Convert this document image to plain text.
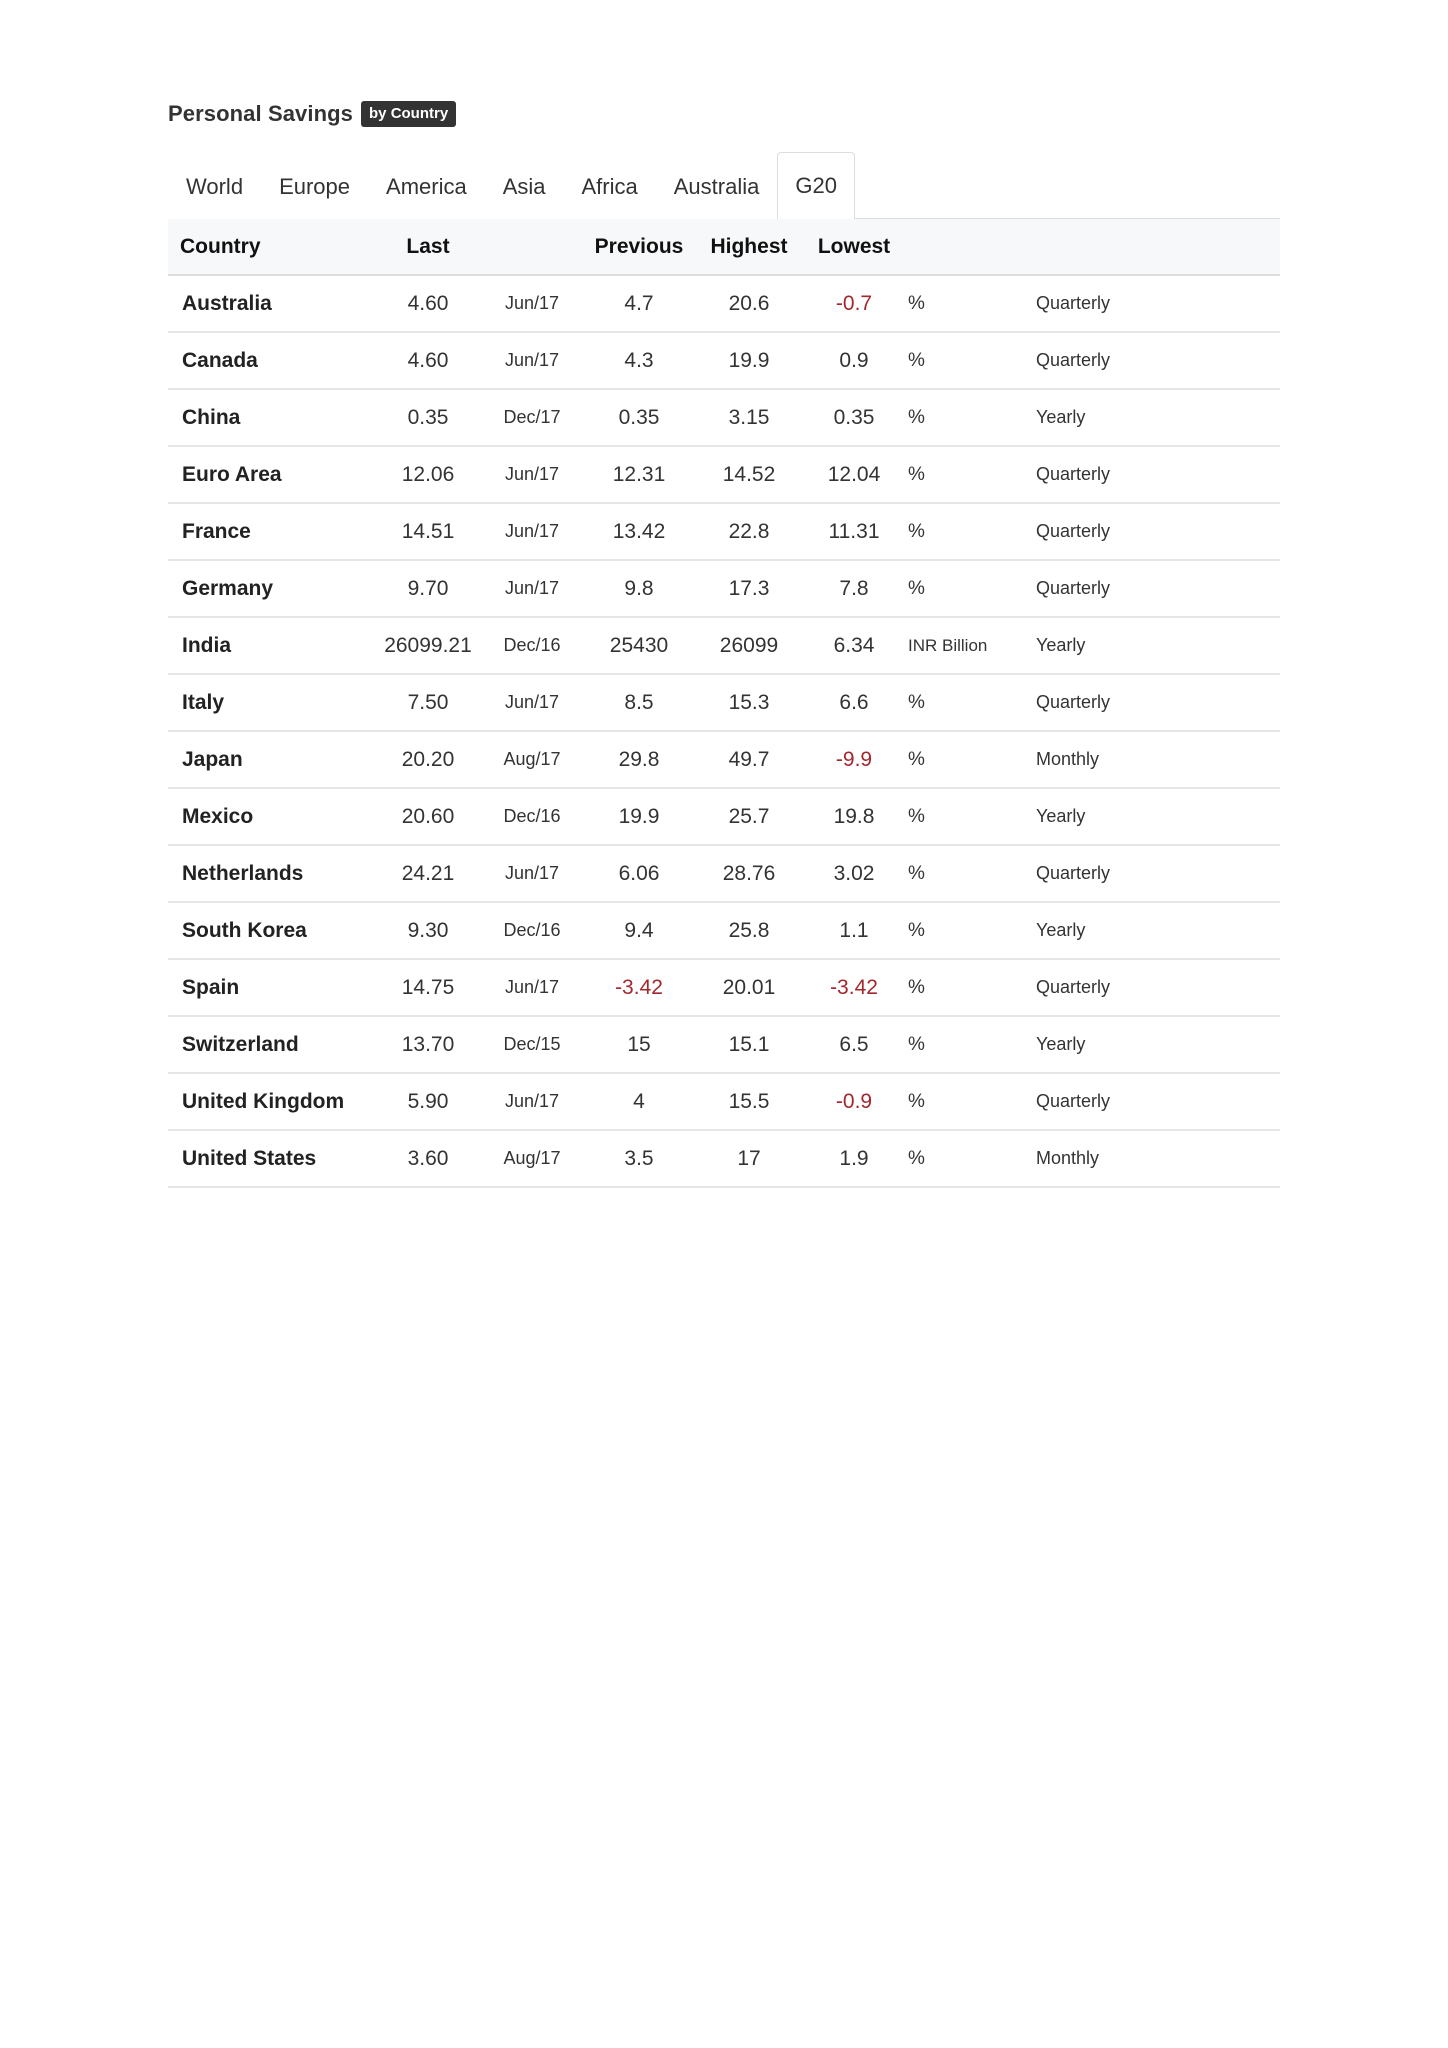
Personal Savings	by Country
World	Europe	America	Asia	Africa	Australia	G20
Country	Last		Previous	Highest	Lowest		
Australia	4.60	Jun/17	4.7	20.6	-0.7	%	Quarterly
Canada	4.60	Jun/17	4.3	19.9	0.9	%	Quarterly
China	0.35	Dec/17	0.35	3.15	0.35	%	Yearly
Euro Area	12.06	Jun/17	12.31	14.52	12.04	%	Quarterly
France	14.51	Jun/17	13.42	22.8	11.31	%	Quarterly
Germany	9.70	Jun/17	9.8	17.3	7.8	%	Quarterly
India	26099.21	Dec/16	25430	26099	6.34	INR Billion	Yearly
Italy	7.50	Jun/17	8.5	15.3	6.6	%	Quarterly
Japan	20.20	Aug/17	29.8	49.7	-9.9	%	Monthly
Mexico	20.60	Dec/16	19.9	25.7	19.8	%	Yearly
Netherlands	24.21	Jun/17	6.06	28.76	3.02	%	Quarterly
South Korea	9.30	Dec/16	9.4	25.8	1.1	%	Yearly
Spain	14.75	Jun/17	-3.42	20.01	-3.42	%	Quarterly
Switzerland	13.70	Dec/15	15	15.1	6.5	%	Yearly
United Kingdom	5.90	Jun/17	4	15.5	-0.9	%	Quarterly
United States	3.60	Aug/17	3.5	17	1.9	%	Monthly
